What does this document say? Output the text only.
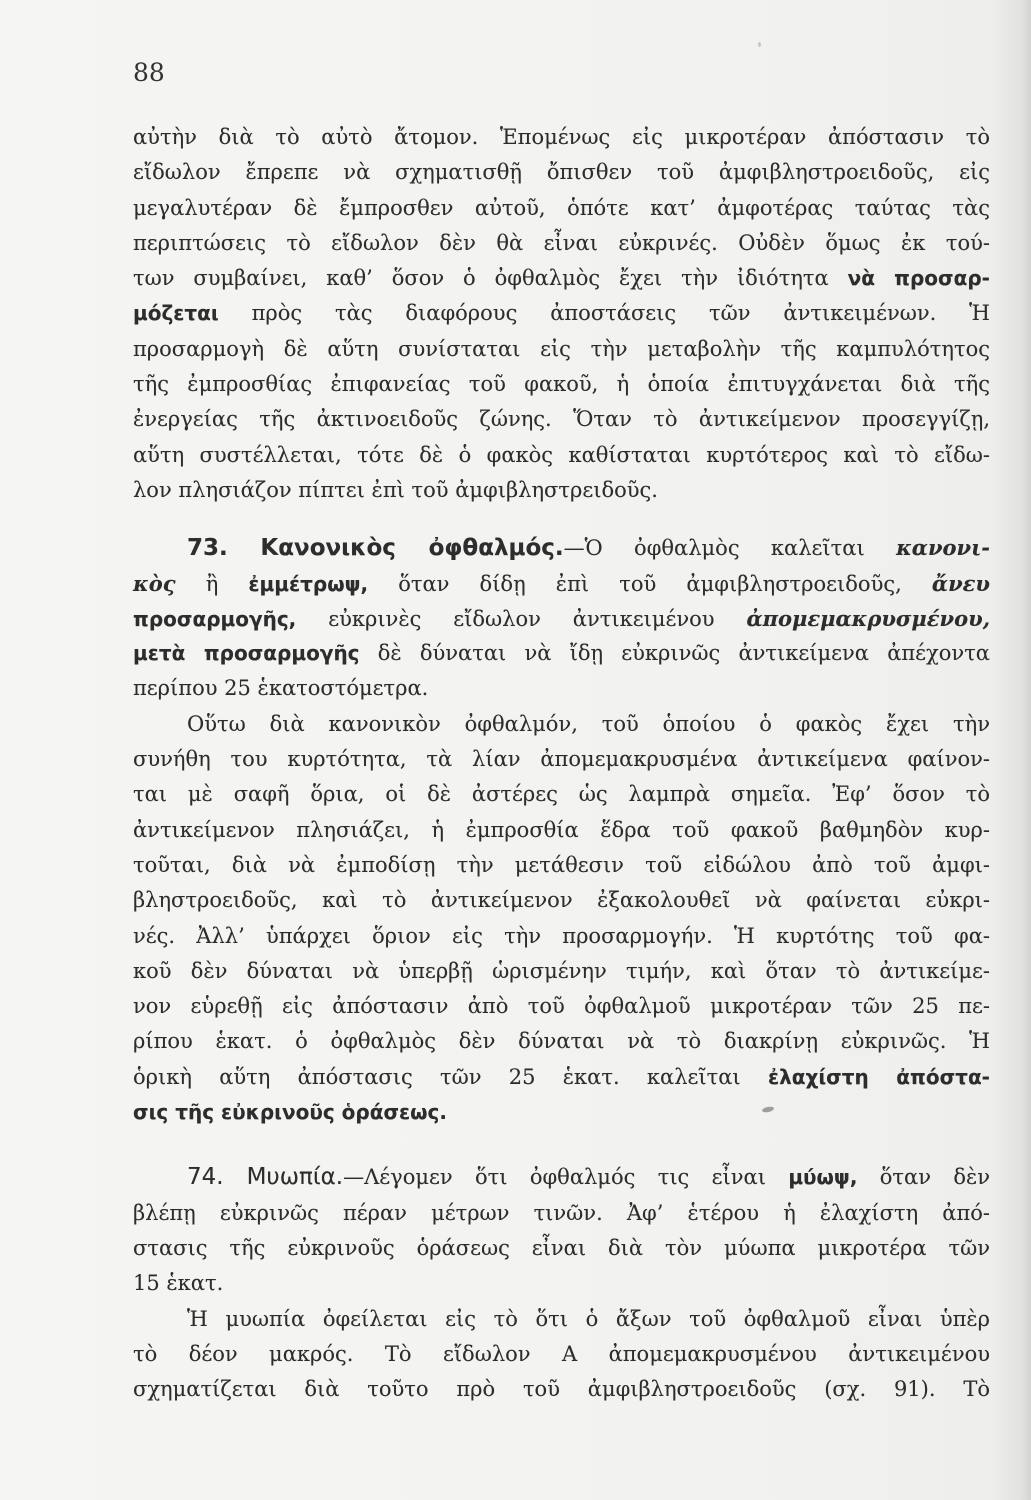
88
αὐτὴν διὰ τὸ αὐτὸ ἄτομον. Ἑπομένως εἰς μικροτέραν ἀπόστασιν τὸ
εἴδωλον ἔπρεπε νὰ σχηματισθῇ ὄπισθεν τοῦ ἀμφιβληστροειδοῦς, εἰς
μεγαλυτέραν δὲ ἔμπροσθεν αὐτοῦ, ὁπότε κατ’ ἀμφοτέρας ταύτας τὰς
περιπτώσεις τὸ εἴδωλον δὲν θὰ εἶναι εὐκρινές. Οὐδὲν ὅμως ἐκ τού-
των συμβαίνει, καθ’ ὅσον ὁ ὀφθαλμὸς ἔχει τὴν ἰδιότητα νὰ προσαρ-
μόζεται πρὸς τὰς διαφόρους ἀποστάσεις τῶν ἀντικειμένων. Ἡ
προσαρμογὴ δὲ αὕτη συνίσταται εἰς τὴν μεταβολὴν τῆς καμπυλότητος
τῆς ἐμπροσθίας ἐπιφανείας τοῦ φακοῦ, ἡ ὁποία ἐπιτυγχάνεται διὰ τῆς
ἐνεργείας τῆς ἀκτινοειδοῦς ζώνης. Ὅταν τὸ ἀντικείμενον προσεγγίζῃ,
αὕτη συστέλλεται, τότε δὲ ὁ φακὸς καθίσταται κυρτότερος καὶ τὸ εἴδω-
λον πλησιάζον πίπτει ἐπὶ τοῦ ἀμφιβληστρειδοῦς.
73. Κανονικὸς ὀφθαλμός.—Ὁ ὀφθαλμὸς καλεῖται κανονι-
κὸς ἢ ἐμμέτρωψ, ὅταν δίδῃ ἐπὶ τοῦ ἀμφιβληστροειδοῦς, ἄνευ
προσαρμογῆς, εὐκρινὲς εἴδωλον ἀντικειμένου ἀπομεμακρυσμένου,
μετὰ προσαρμογῆς δὲ δύναται νὰ ἴδῃ εὐκρινῶς ἀντικείμενα ἀπέχοντα
περίπου 25 ἑκατοστόμετρα.
Οὕτω διὰ κανονικὸν ὀφθαλμόν, τοῦ ὁποίου ὁ φακὸς ἔχει τὴν
συνήθη του κυρτότητα, τὰ λίαν ἀπομεμακρυσμένα ἀντικείμενα φαίνον-
ται μὲ σαφῆ ὅρια, οἱ δὲ ἀστέρες ὡς λαμπρὰ σημεῖα. Ἐφ’ ὅσον τὸ
ἀντικείμενον πλησιάζει, ἡ ἐμπροσθία ἕδρα τοῦ φακοῦ βαθμηδὸν κυρ-
τοῦται, διὰ νὰ ἐμποδίσῃ τὴν μετάθεσιν τοῦ εἰδώλου ἀπὸ τοῦ ἀμφι-
βληστροειδοῦς, καὶ τὸ ἀντικείμενον ἐξακολουθεῖ νὰ φαίνεται εὐκρι-
νές. Ἀλλ’ ὑπάρχει ὅριον εἰς τὴν προσαρμογήν. Ἡ κυρτότης τοῦ φα-
κοῦ δὲν δύναται νὰ ὑπερβῇ ὡρισμένην τιμήν, καὶ ὅταν τὸ ἀντικείμε-
νον εὑρεθῇ εἰς ἀπόστασιν ἀπὸ τοῦ ὀφθαλμοῦ μικροτέραν τῶν 25 πε-
ρίπου ἑκατ. ὁ ὀφθαλμὸς δὲν δύναται νὰ τὸ διακρίνῃ εὐκρινῶς. Ἡ
ὁρικὴ αὕτη ἀπόστασις τῶν 25 ἑκατ. καλεῖται ἐλαχίστη ἀπόστα-
σις τῆς εὐκρινοῦς ὁράσεως.
74. Μυωπία.—Λέγομεν ὅτι ὀφθαλμός τις εἶναι μύωψ, ὅταν δὲν
βλέπῃ εὐκρινῶς πέραν μέτρων τινῶν. Ἀφ’ ἑτέρου ἡ ἐλαχίστη ἀπό-
στασις τῆς εὐκρινοῦς ὁράσεως εἶναι διὰ τὸν μύωπα μικροτέρα τῶν
15 ἑκατ.
Ἡ μυωπία ὀφείλεται εἰς τὸ ὅτι ὁ ἄξων τοῦ ὀφθαλμοῦ εἶναι ὑπὲρ
τὸ δέον μακρός. Τὸ εἴδωλον Α ἀπομεμακρυσμένου ἀντικειμένου
σχηματίζεται διὰ τοῦτο πρὸ τοῦ ἀμφιβληστροειδοῦς (σχ. 91). Τὸ
